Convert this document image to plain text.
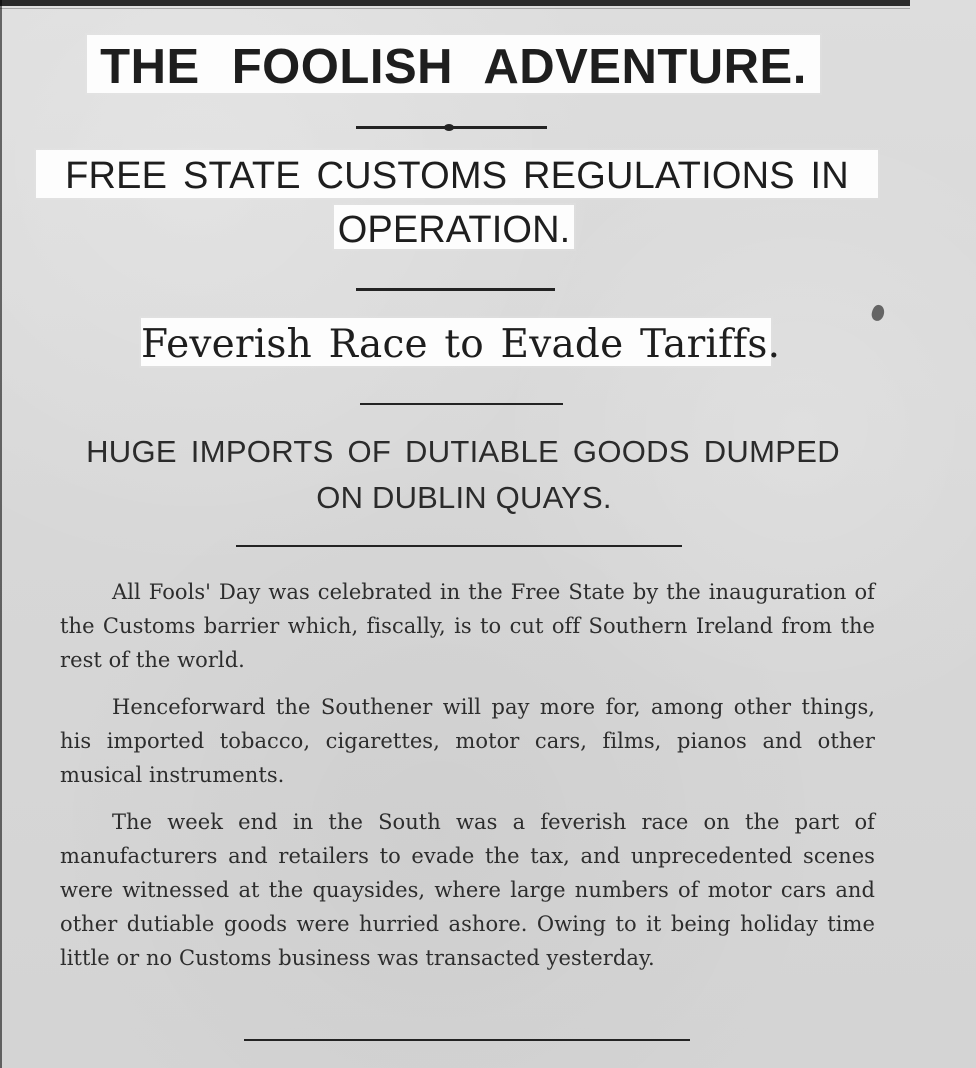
THE FOOLISH ADVENTURE.
FREE STATE CUSTOMS REGULATIONS IN
OPERATION.
Feverish Race to Evade Tariffs.
HUGE IMPORTS OF DUTIABLE GOODS DUMPED
ON DUBLIN QUAYS.

All Fools' Day was celebrated in the Free State by the inauguration of the Customs barrier which, fiscally, is to cut off Southern Ireland from the rest of the world.

Henceforward the Southener will pay more for, among other things, his imported tobacco, cigarettes, motor cars, films, pianos and other musical instruments.

The week end in the South was a feverish race on the part of manufacturers and retailers to evade the tax, and unprecedented scenes were witnessed at the quaysides, where large numbers of motor cars and other dutiable goods were hurried ashore. Owing to it being holiday time little or no Customs business was transacted yesterday.
